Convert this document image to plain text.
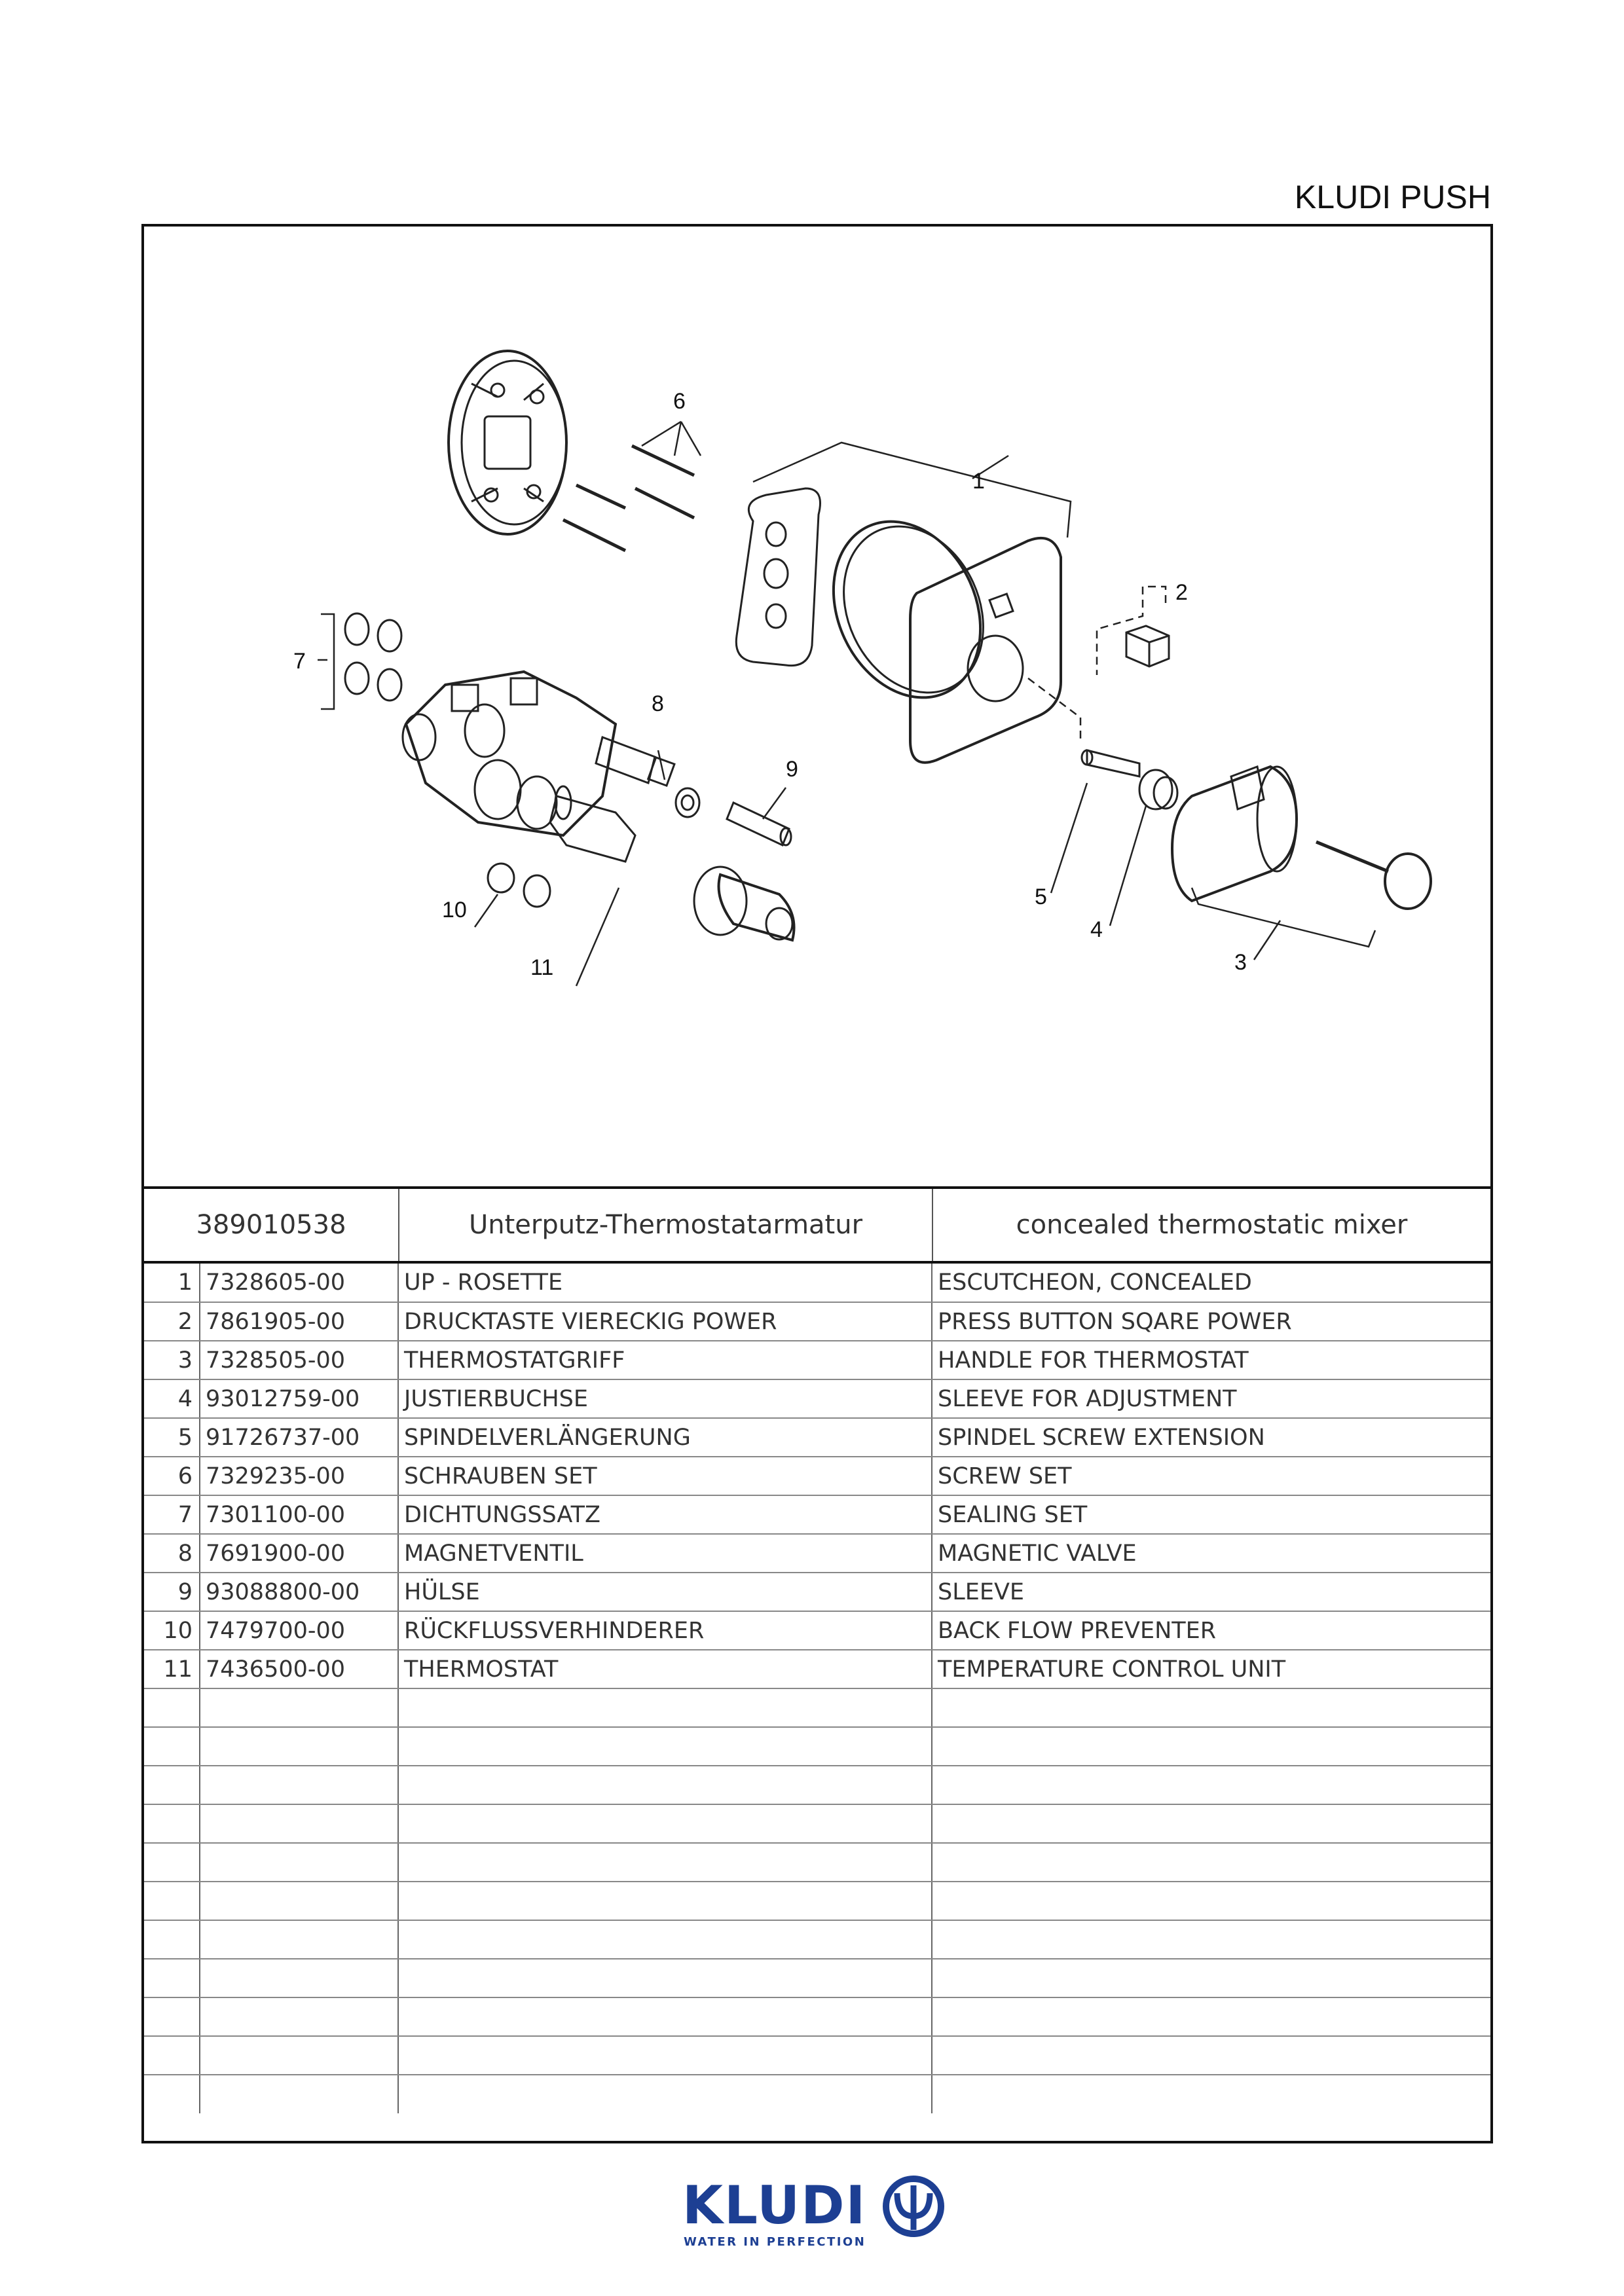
KLUDI PUSH
1
2
3
4
5
6
7
8
9
10
11
389010538	Unterputz-Thermostatarmatur	concealed thermostatic mixer
1	7328605-00	UP - ROSETTE	ESCUTCHEON, CONCEALED
2	7861905-00	DRUCKTASTE VIERECKIG POWER	PRESS BUTTON SQARE POWER
3	7328505-00	THERMOSTATGRIFF	HANDLE FOR THERMOSTAT
4	93012759-00	JUSTIERBUCHSE	SLEEVE FOR ADJUSTMENT
5	91726737-00	SPINDELVERLÄNGERUNG	SPINDEL SCREW EXTENSION
6	7329235-00	SCHRAUBEN SET	SCREW SET
7	7301100-00	DICHTUNGSSATZ	SEALING SET
8	7691900-00	MAGNETVENTIL	MAGNETIC VALVE
9	93088800-00	HÜLSE	SLEEVE
10	7479700-00	RÜCKFLUSSVERHINDERER	BACK FLOW PREVENTER
11	7436500-00	THERMOSTAT	TEMPERATURE CONTROL UNIT

KLUDI
WATER IN PERFECTION
